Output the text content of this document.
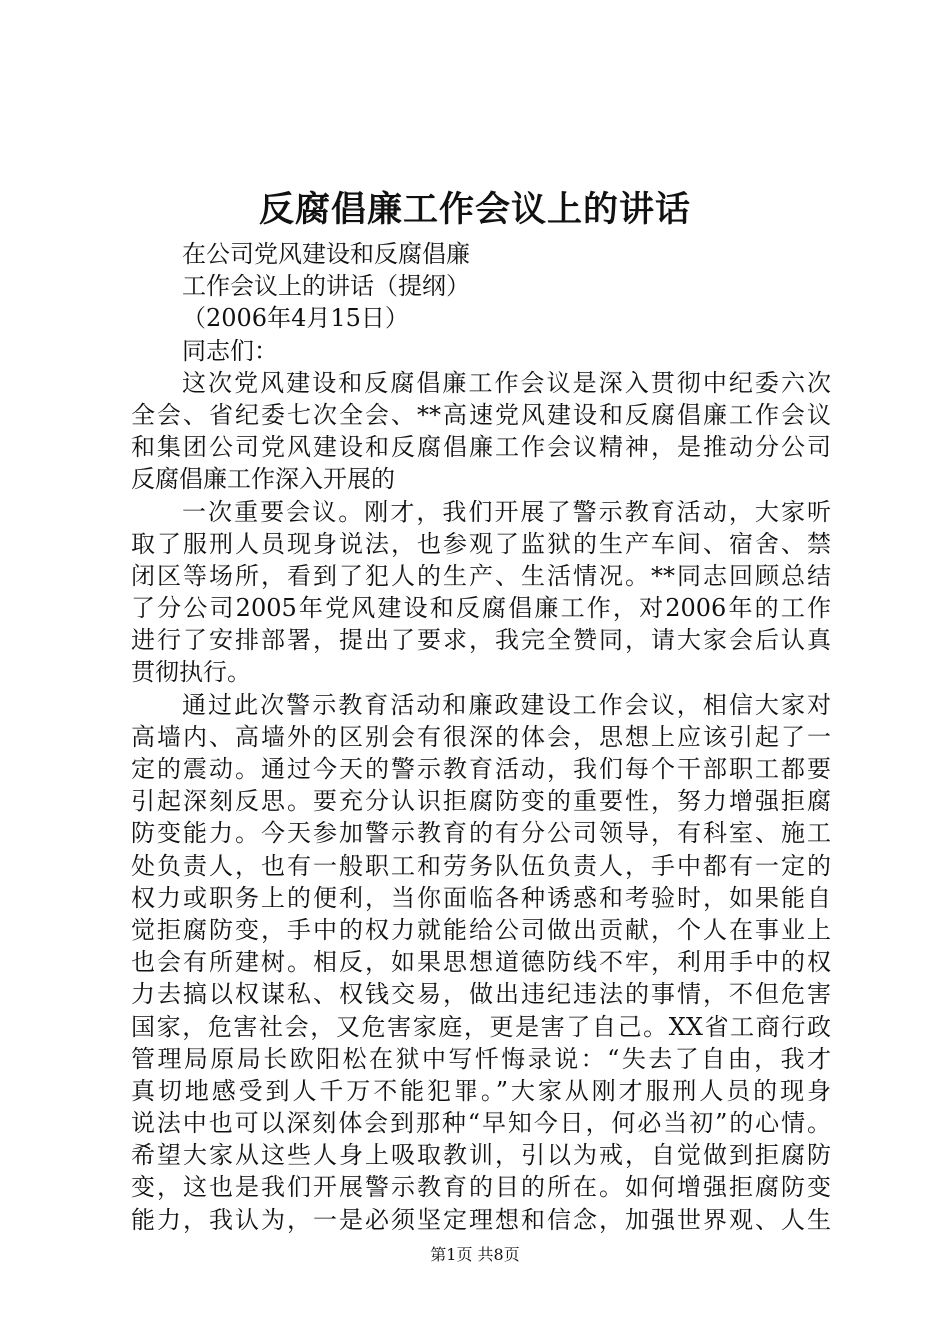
反腐倡廉工作会议上的讲话
在公司党风建设和反腐倡廉
工作会议上的讲话（提纲）
（2006年4月15日）
同志们：
这次党风建设和反腐倡廉工作会议是深入贯彻中纪委六次
全会、省纪委七次全会、**高速党风建设和反腐倡廉工作会议
和集团公司党风建设和反腐倡廉工作会议精神，是推动分公司
反腐倡廉工作深入开展的
一次重要会议。刚才，我们开展了警示教育活动，大家听
取了服刑人员现身说法，也参观了监狱的生产车间、宿舍、禁
闭区等场所，看到了犯人的生产、生活情况。**同志回顾总结
了分公司2005年党风建设和反腐倡廉工作，对2006年的工作
进行了安排部署，提出了要求，我完全赞同，请大家会后认真
贯彻执行。
通过此次警示教育活动和廉政建设工作会议，相信大家对
高墙内、高墙外的区别会有很深的体会，思想上应该引起了一
定的震动。通过今天的警示教育活动，我们每个干部职工都要
引起深刻反思。要充分认识拒腐防变的重要性，努力增强拒腐
防变能力。今天参加警示教育的有分公司领导，有科室、施工
处负责人，也有一般职工和劳务队伍负责人，手中都有一定的
权力或职务上的便利，当你面临各种诱惑和考验时，如果能自
觉拒腐防变，手中的权力就能给公司做出贡献，个人在事业上
也会有所建树。相反，如果思想道德防线不牢，利用手中的权
力去搞以权谋私、权钱交易，做出违纪违法的事情，不但危害
国家，危害社会，又危害家庭，更是害了自己。XX省工商行政
管理局原局长欧阳松在狱中写忏悔录说：“失去了自由，我才
真切地感受到人千万不能犯罪。”大家从刚才服刑人员的现身
说法中也可以深刻体会到那种“早知今日，何必当初”的心情。
希望大家从这些人身上吸取教训，引以为戒，自觉做到拒腐防
变，这也是我们开展警示教育的目的所在。如何增强拒腐防变
能力，我认为，一是必须坚定理想和信念，加强世界观、人生
第1页 共8页
